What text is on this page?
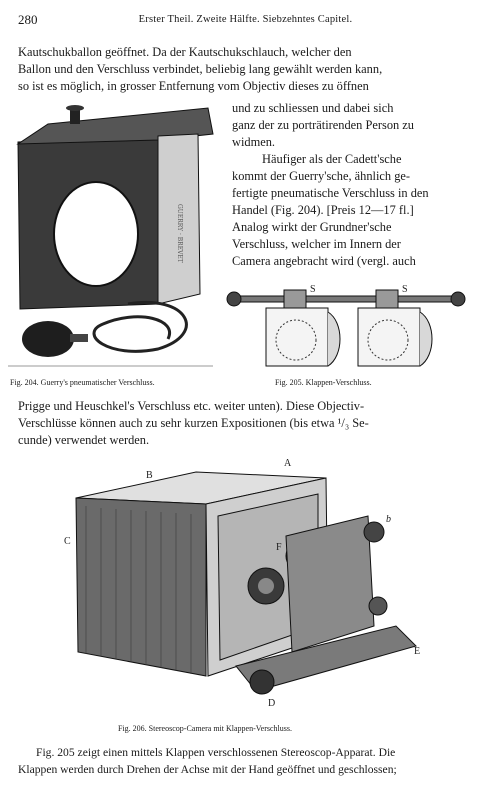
280	Erster Theil. Zweite Hälfte. Siebzehntes Capitel.
Kautschukballon geöffnet. Da der Kautschukschlauch, welcher den
Ballon und den Verschluss verbindet, beliebig lang gewählt werden kann,
so ist es möglich, in grosser Entfernung vom Objectiv dieses zu öffnen
GUERRY · BREVET
und zu schliessen und dabei sich
ganz der zu porträtirenden Person zu
widmen.
Häufiger als der Cadett'sche
kommt der Guerry'sche, ähnlich ge-
fertigte pneumatische Verschluss in den
Handel (Fig. 204). [Preis 12—17 fl.]
Analog wirkt der Grundner'sche
Verschluss, welcher im Innern der
Camera angebracht wird (vergl. auch
S	S
Fig. 204. Guerry's pneumatischer Verschluss.	Fig. 205. Klappen-Verschluss.
Prigge und Heuschkel's Verschluss etc. weiter unten). Diese Objectiv-
Verschlüsse können auch zu sehr kurzen Expositionen (bis etwa ¹/₃ Se-
cunde) verwendet werden.
A
B
C
D
E
F
b
Fig. 206. Stereoscop-Camera mit Klappen-Verschluss.
Fig. 205 zeigt einen mittels Klappen verschlossenen Stereoscop-Apparat. Die
Klappen werden durch Drehen der Achse mit der Hand geöffnet und geschlossen;
